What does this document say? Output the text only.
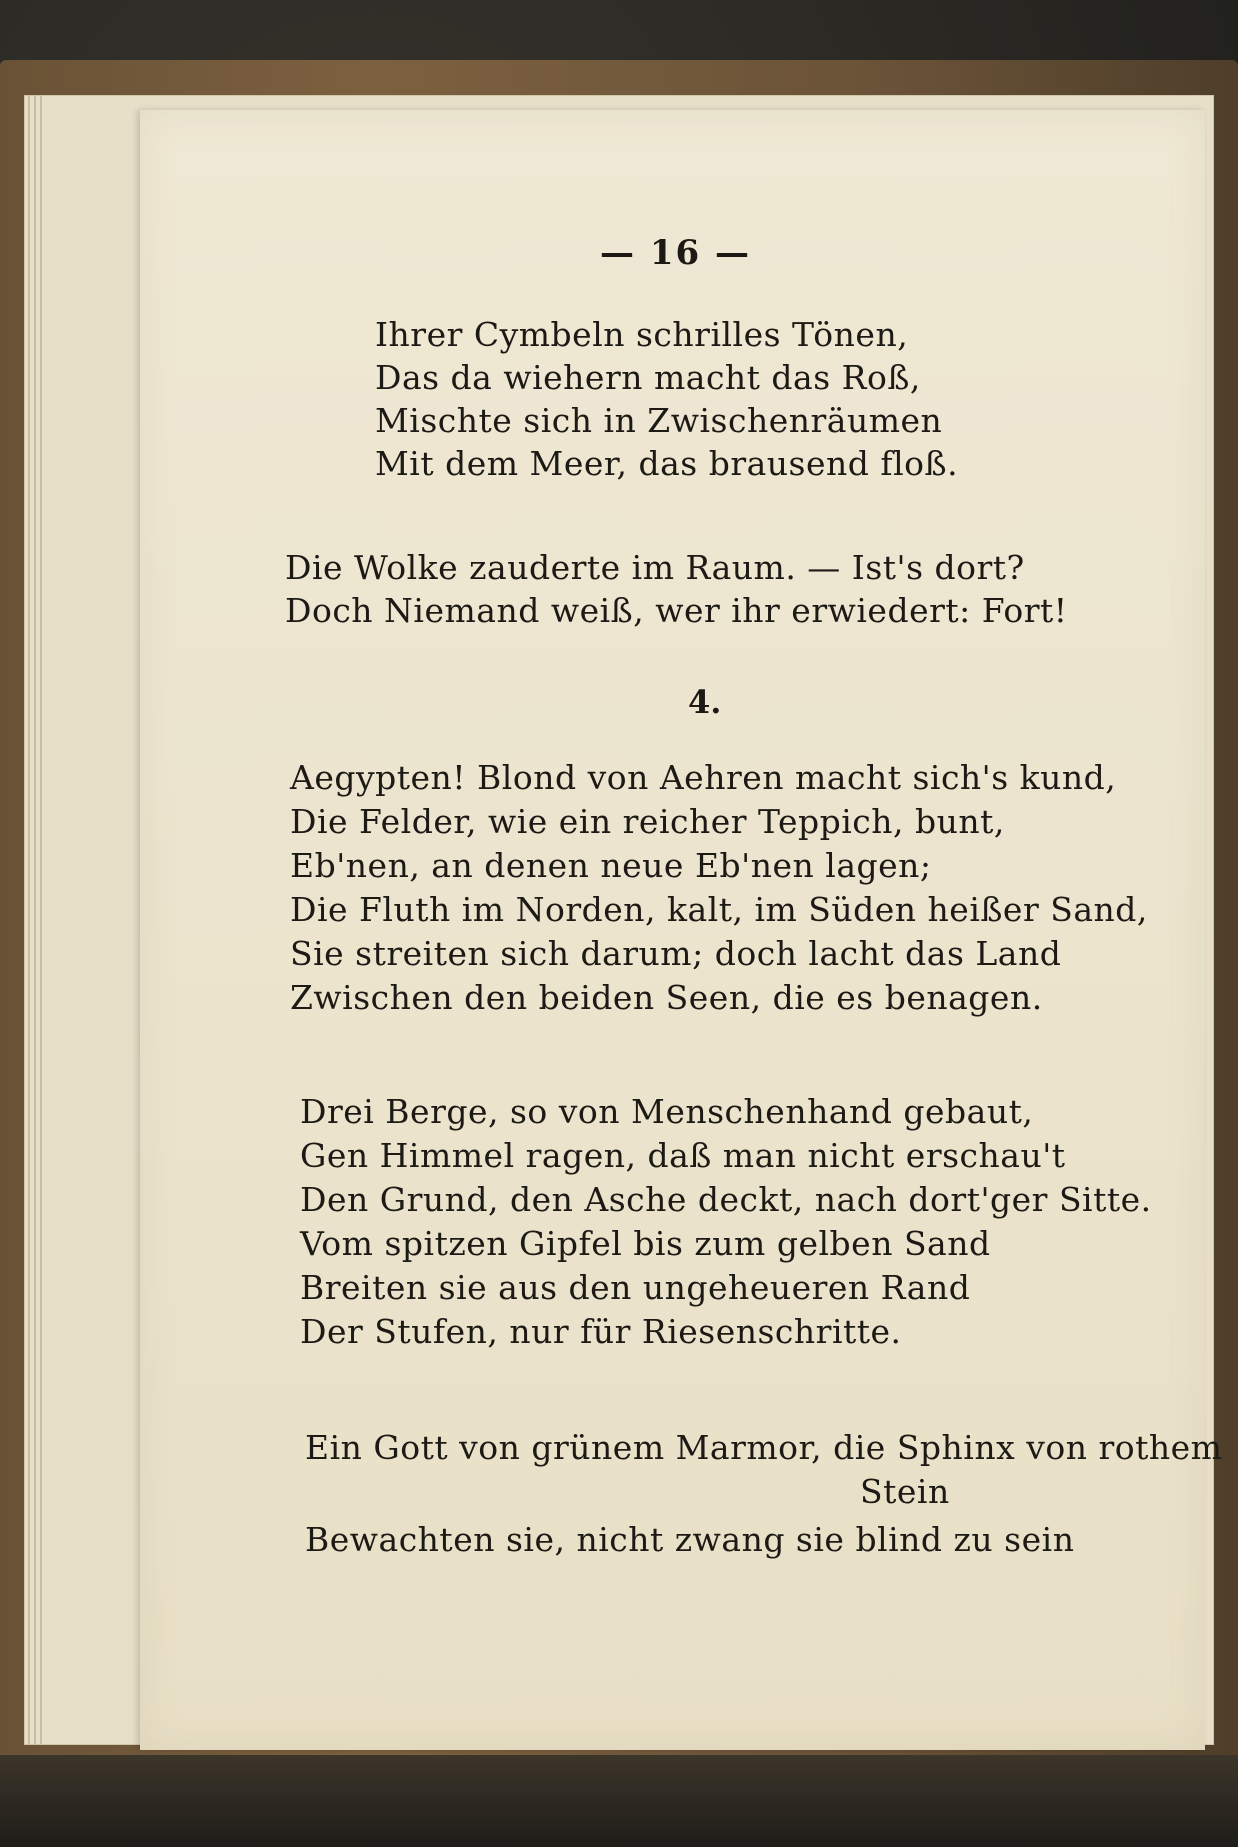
— 16 —
Ihrer Cymbeln schrilles Tönen,
Das da wiehern macht das Roß,
Mischte sich in Zwischenräumen
Mit dem Meer, das brausend floß.
Die Wolke zauderte im Raum. — Ist's dort?
Doch Niemand weiß, wer ihr erwiedert: Fort!
4.
Aegypten! Blond von Aehren macht sich's kund,
Die Felder, wie ein reicher Teppich, bunt,
Eb'nen, an denen neue Eb'nen lagen;
Die Fluth im Norden, kalt, im Süden heißer Sand,
Sie streiten sich darum; doch lacht das Land
Zwischen den beiden Seen, die es benagen.
Drei Berge, so von Menschenhand gebaut,
Gen Himmel ragen, daß man nicht erschau't
Den Grund, den Asche deckt, nach dort'ger Sitte.
Vom spitzen Gipfel bis zum gelben Sand
Breiten sie aus den ungeheueren Rand
Der Stufen, nur für Riesenschritte.
Ein Gott von grünem Marmor, die Sphinx von rothem
Stein
Bewachten sie, nicht zwang sie blind zu sein
